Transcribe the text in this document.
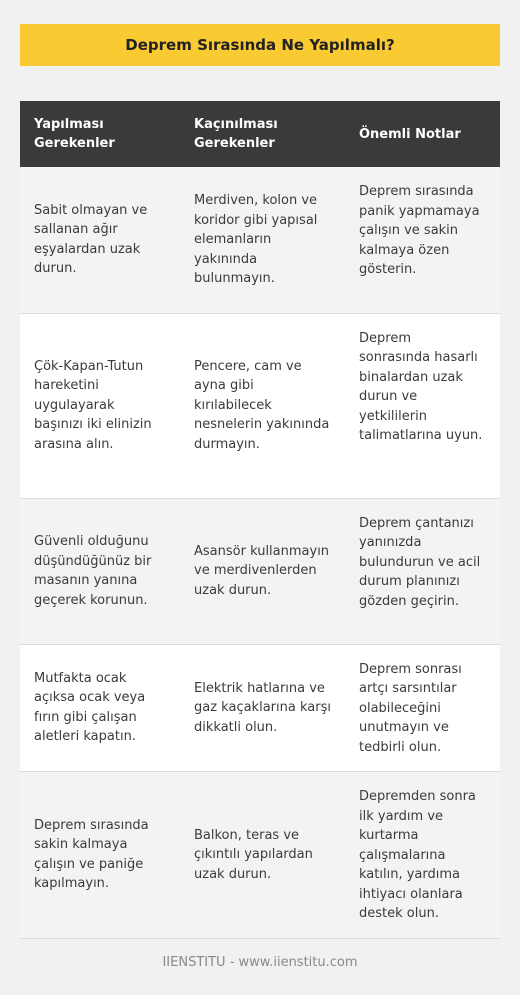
Deprem Sırasında Ne Yapılmalı?
Yapılması Gerekenler	Kaçınılması Gerekenler	Önemli Notlar
Sabit olmayan ve sallanan ağır eşyalardan uzak durun.	Merdiven, kolon ve koridor gibi yapısal elemanların yakınında bulunmayın.	Deprem sırasında panik yapmamaya çalışın ve sakin kalmaya özen gösterin.
Çök-Kapan-Tutun hareketini uygulayarak başınızı iki elinizin arasına alın.	Pencere, cam ve ayna gibi kırılabilecek nesnelerin yakınında durmayın.	Deprem sonrasında hasarlı binalardan uzak durun ve yetkililerin talimatlarına uyun.
Güvenli olduğunu düşündüğünüz bir masanın yanına geçerek korunun.	Asansör kullanmayın ve merdivenlerden uzak durun.	Deprem çantanızı yanınızda bulundurun ve acil durum planınızı gözden geçirin.
Mutfakta ocak açıksa ocak veya fırın gibi çalışan aletleri kapatın.	Elektrik hatlarına ve gaz kaçaklarına karşı dikkatli olun.	Deprem sonrası artçı sarsıntılar olabileceğini unutmayın ve tedbirli olun.
Deprem sırasında sakin kalmaya çalışın ve paniğe kapılmayın.	Balkon, teras ve çıkıntılı yapılardan uzak durun.	Depremden sonra ilk yardım ve kurtarma çalışmalarına katılın, yardıma ihtiyacı olanlara destek olun.
IIENSTITU - www.iienstitu.com
